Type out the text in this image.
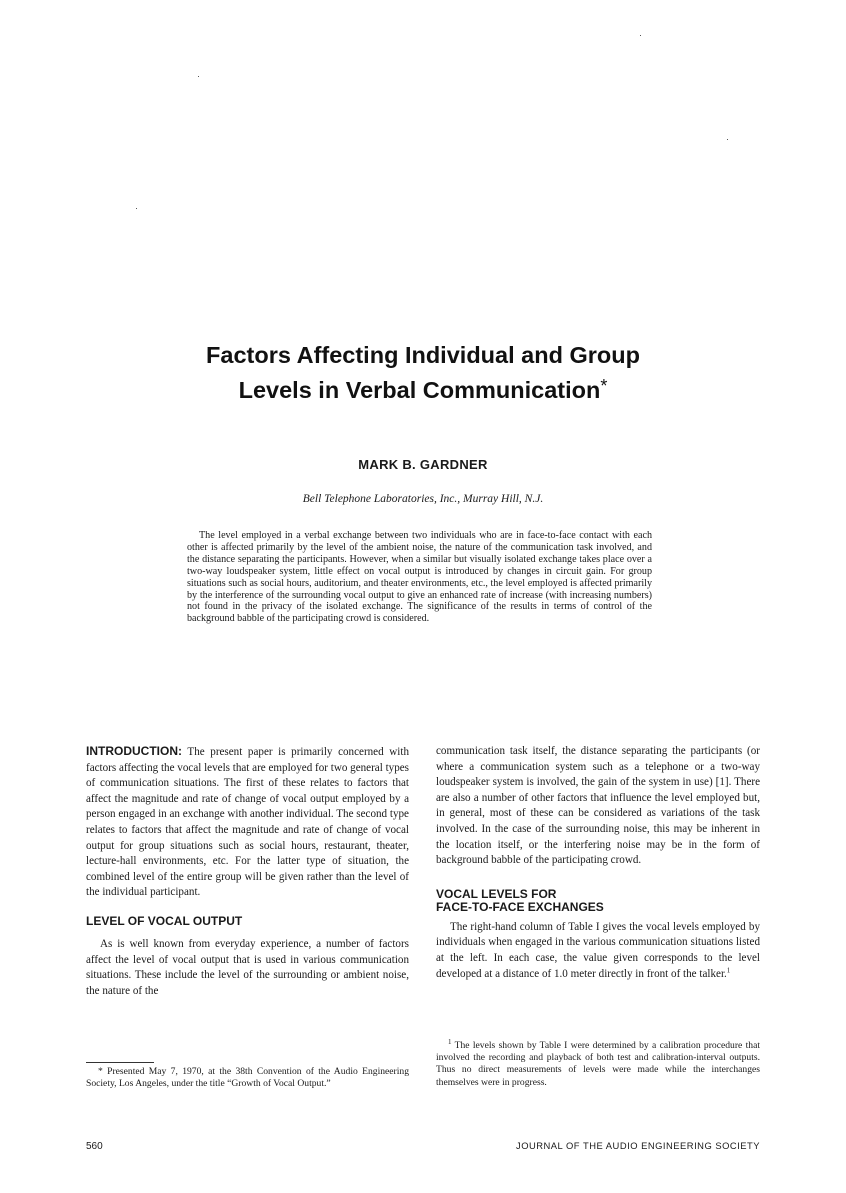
Factors Affecting Individual and Group
Levels in Verbal Communication*
MARK B. GARDNER
Bell Telephone Laboratories, Inc., Murray Hill, N.J.

The level employed in a verbal exchange between two individuals who are in face-to-face contact with each other is affected primarily by the level of the ambient noise, the nature of the communication task involved, and the distance separating the participants. However, when a similar but visually isolated exchange takes place over a two-way loudspeaker system, little effect on vocal output is introduced by changes in circuit gain. For group situations such as social hours, auditorium, and theater environments, etc., the level employed is affected primarily by the interference of the surrounding vocal output to give an enhanced rate of increase (with increasing numbers) not found in the privacy of the isolated exchange. The significance of the results in terms of control of the background babble of the participating crowd is considered.

INTRODUCTION: The present paper is primarily concerned with factors affecting the vocal levels that are employed for two general types of communication situations. The first of these relates to factors that affect the magnitude and rate of change of vocal output employed by a person engaged in an exchange with another individual. The second type relates to factors that affect the magnitude and rate of change of vocal output for group situations such as social hours, restaurant, theater, lecture-hall environments, etc. For the latter type of situation, the combined level of the entire group will be given rather than the level of the individual participant.

LEVEL OF VOCAL OUTPUT

As is well known from everyday experience, a number of factors affect the level of vocal output that is used in various communication situations. These include the level of the surrounding or ambient noise, the nature of the

communication task itself, the distance separating the participants (or where a communication system such as a telephone or a two-way loudspeaker system is involved, the gain of the system in use) [1]. There are also a number of other factors that influence the level employed but, in general, most of these can be considered as variations of the task involved. In the case of the surrounding noise, this may be inherent in the location itself, or the interfering noise may be in the form of background babble of the participating crowd.

VOCAL LEVELS FOR
FACE-TO-FACE EXCHANGES

The right-hand column of Table I gives the vocal levels employed by individuals when engaged in the various communication situations listed at the left. In each case, the value given corresponds to the level developed at a distance of 1.0 meter directly in front of the talker.$^1$

* Presented May 7, 1970, at the 38th Convention of the Audio Engineering Society, Los Angeles, under the title “Growth of Vocal Output.”

$^1$ The levels shown by Table I were determined by a calibration procedure that involved the recording and playback of both test and calibration-interval outputs. Thus no direct measurements of levels were made while the interchanges themselves were in progress.

560	JOURNAL OF THE AUDIO ENGINEERING SOCIETY
